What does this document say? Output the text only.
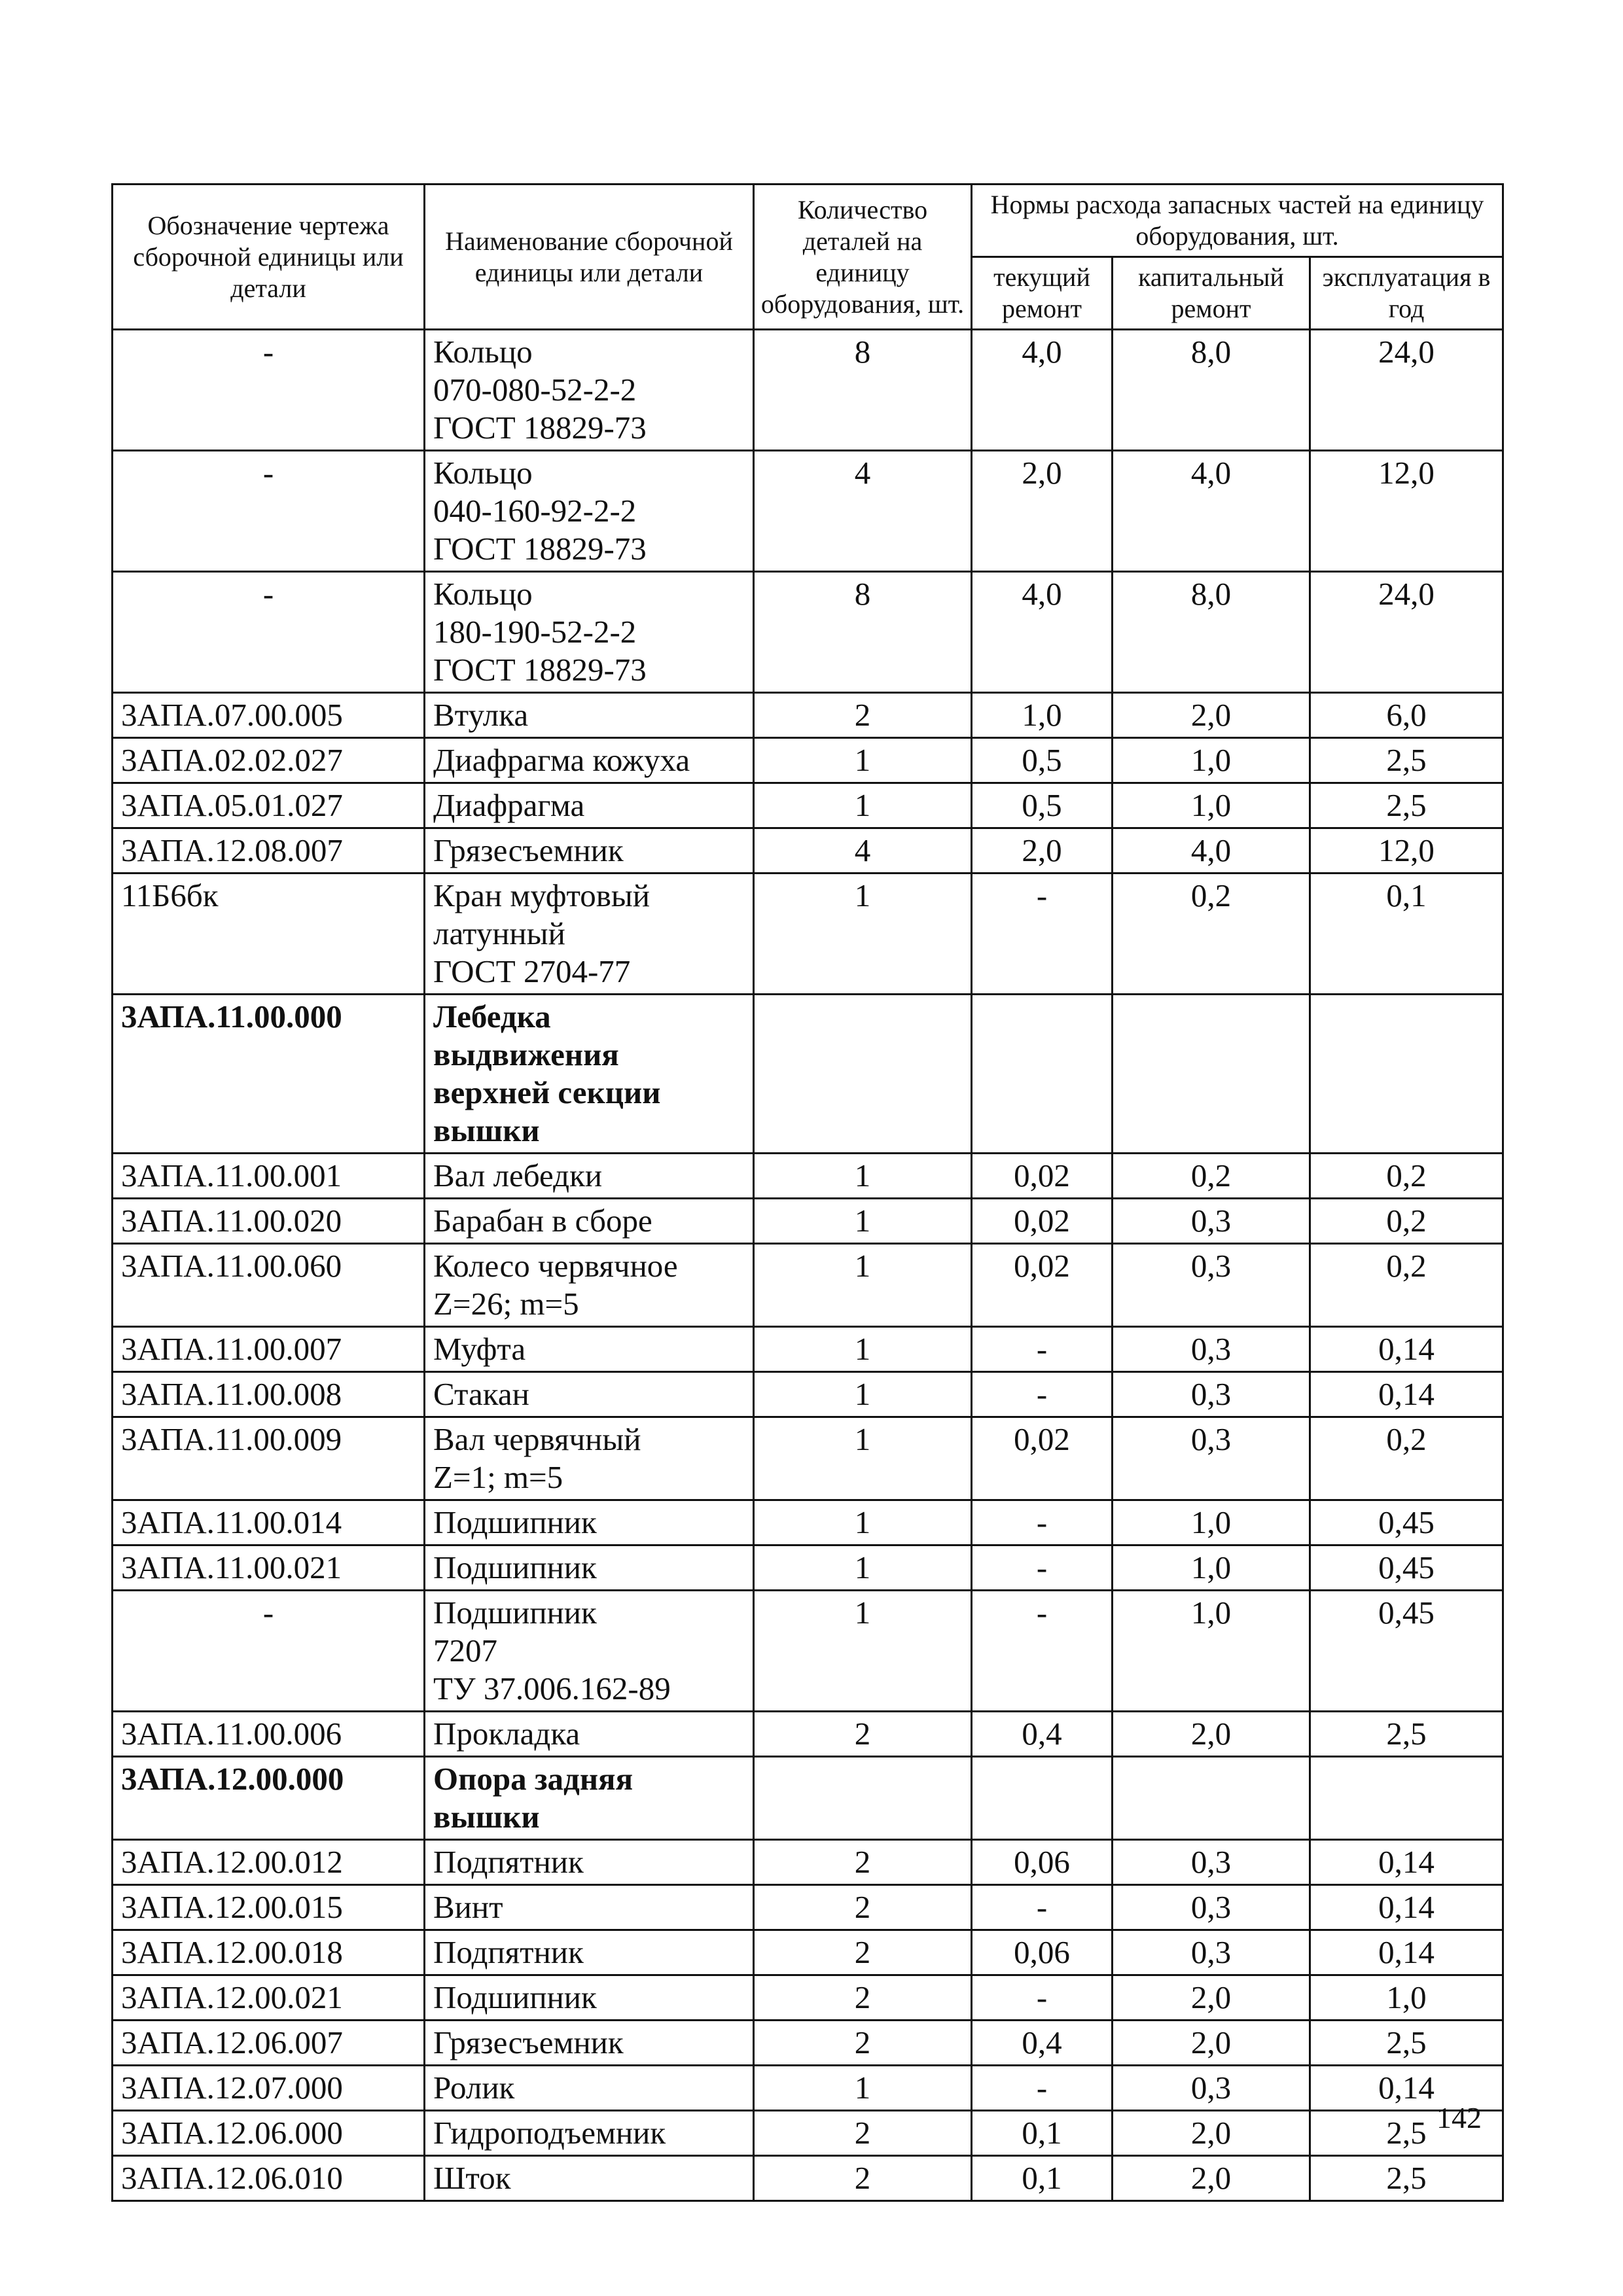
Обозначение чертежа сборочной единицы или детали	Наименование сборочной единицы или детали	Количество деталей на единицу оборудования, шт.	Нормы расхода запасных частей на единицу оборудования, шт.		
			текущий ремонт	капитальный ремонт	эксплуатация в год
-	Кольцо
070-080-52-2-2
ГОСТ 18829-73	8	4,0	8,0	24,0
-	Кольцо
040-160-92-2-2
ГОСТ 18829-73	4	2,0	4,0	12,0
-	Кольцо
180-190-52-2-2
ГОСТ 18829-73	8	4,0	8,0	24,0
3АПА.07.00.005	Втулка	2	1,0	2,0	6,0
3АПА.02.02.027	Диафрагма кожуха	1	0,5	1,0	2,5
3АПА.05.01.027	Диафрагма	1	0,5	1,0	2,5
3АПА.12.08.007	Грязесъемник	4	2,0	4,0	12,0
11Б6бк	Кран муфтовый
латунный
ГОСТ 2704-77	1	-	0,2	0,1
3АПА.11.00.000	Лебедка
выдвижения
верхней секции
вышки				
3АПА.11.00.001	Вал лебедки	1	0,02	0,2	0,2
3АПА.11.00.020	Барабан в сборе	1	0,02	0,3	0,2
3АПА.11.00.060	Колесо червячное
Z=26; m=5	1	0,02	0,3	0,2
3АПА.11.00.007	Муфта	1	-	0,3	0,14
3АПА.11.00.008	Стакан	1	-	0,3	0,14
3АПА.11.00.009	Вал червячный
Z=1; m=5	1	0,02	0,3	0,2
3АПА.11.00.014	Подшипник	1	-	1,0	0,45
3АПА.11.00.021	Подшипник	1	-	1,0	0,45
-	Подшипник
7207
ТУ 37.006.162-89	1	-	1,0	0,45
3АПА.11.00.006	Прокладка	2	0,4	2,0	2,5
3АПА.12.00.000	Опора задняя
вышки				
3АПА.12.00.012	Подпятник	2	0,06	0,3	0,14
3АПА.12.00.015	Винт	2	-	0,3	0,14
3АПА.12.00.018	Подпятник	2	0,06	0,3	0,14
3АПА.12.00.021	Подшипник	2	-	2,0	1,0
3АПА.12.06.007	Грязесъемник	2	0,4	2,0	2,5
3АПА.12.07.000	Ролик	1	-	0,3	0,14
3АПА.12.06.000	Гидроподъемник	2	0,1	2,0	2,5
3АПА.12.06.010	Шток	2	0,1	2,0	2,5
142
